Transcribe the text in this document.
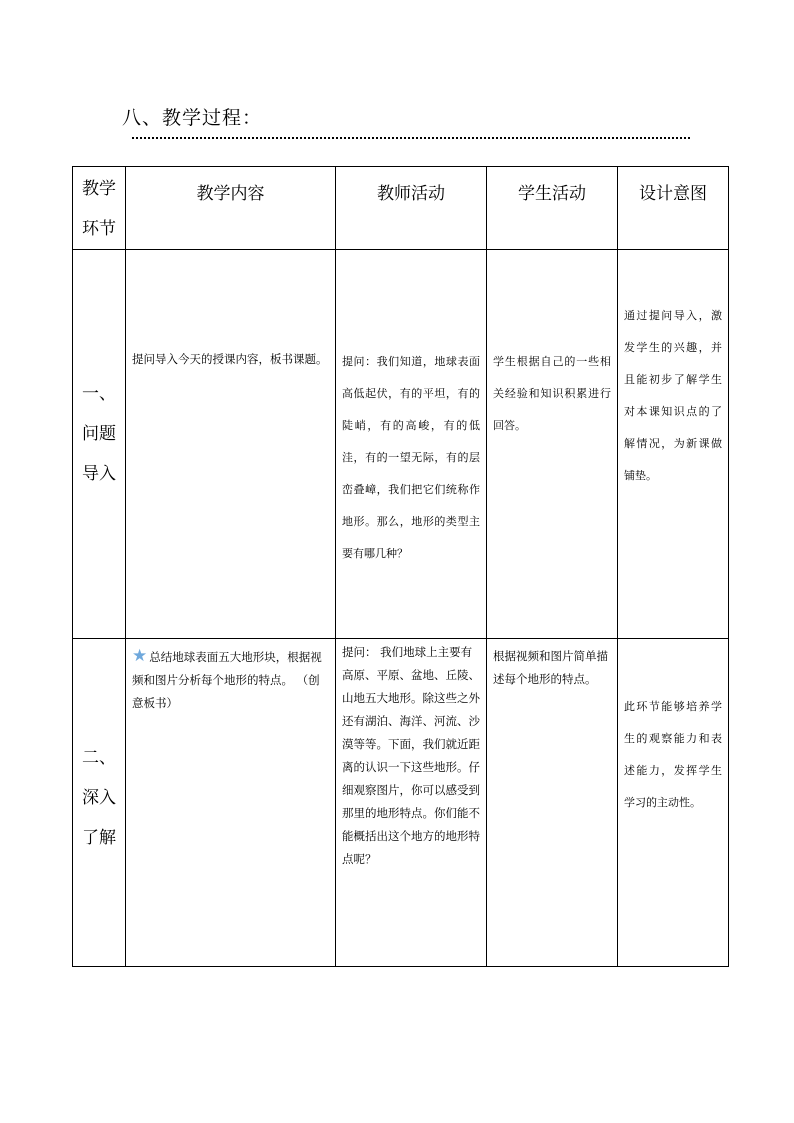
八、教学过程：
教学
环节	教学内容	教师活动	学生活动	设计意图

一、
问题
导入	提问导入今天的授课内容，板书课题。	提问：我们知道，地球表面高低起伏，有的平坦，有的陡峭，有的高峻，有的低洼，有的一望无际，有的层峦叠嶂，我们把它们统称作地形。那么，地形的类型主要有哪几种？	学生根据自己的一些相关经验和知识积累进行回答。	通过提问导入，激发学生的兴趣，并且能初步了解学生对本课知识点的了解情况，为新课做铺垫。

二、
深入
了解	★ 总结地球表面五大地形块，根据视频和图片分析每个地形的特点。 （创意板书）	提问： 我们地球上主要有高原、平原、盆地、丘陵、山地五大地形。除这些之外还有湖泊、海洋、河流、沙漠等等。下面，我们就近距离的认识一下这些地形。仔细观察图片，你可以感受到那里的地形特点。你们能不能概括出这个地方的地形特点呢？	根据视频和图片简单描述每个地形的特点。	此环节能够培养学生的观察能力和表述能力，发挥学生学习的主动性。
